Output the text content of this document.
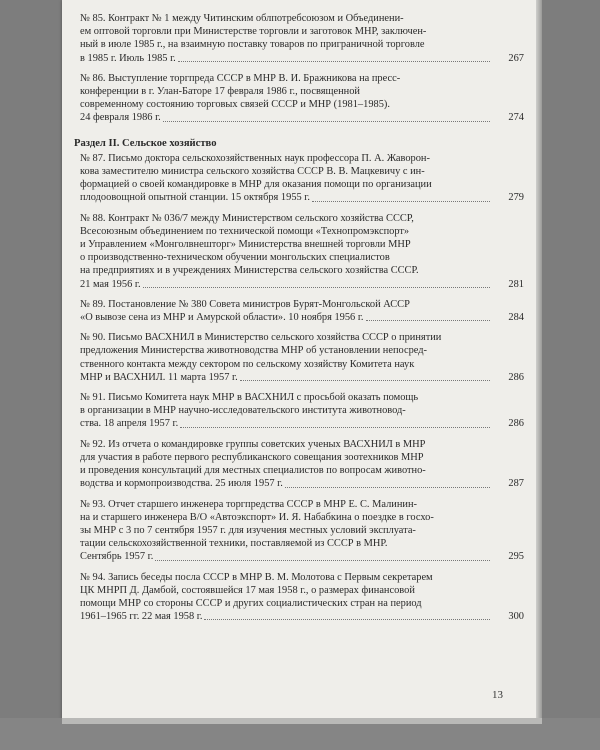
№ 85. Контракт № 1 между Читинским облпотребсоюзом и Объединени-
ем оптовой торговли при Министерстве торговли и заготовок МНР, заключен-
ный в июле 1985 г., на взаимную поставку товаров по приграничной торговле
в 1985 г. Июль 1985 г.	267
№ 86. Выступление торгпреда СССР в МНР В. И. Бражникова на пресс-
конференции в г. Улан-Баторе 17 февраля 1986 г., посвященной
современному состоянию торговых связей СССР и МНР (1981–1985).
24 февраля 1986 г.	274
Раздел II. Сельское хозяйство
№ 87. Письмо доктора сельскохозяйственных наук профессора П. А. Жаворон-
кова заместителю министра сельского хозяйства СССР В. В. Мацкевичу с ин-
формацией о своей командировке в МНР для оказания помощи по организации
плодоовощной опытной станции. 15 октября 1955 г.	279
№ 88. Контракт № 036/7 между Министерством сельского хозяйства СССР,
Всесоюзным объединением по технической помощи «Технопромэкспорт»
и Управлением «Монголвнешторг» Министерства внешней торговли МНР
о производственно-техническом обучении монгольских специалистов
на предприятиях и в учреждениях Министерства сельского хозяйства СССР.
21 мая 1956 г.	281
№ 89. Постановление № 380 Совета министров Бурят-Монгольской АССР
«О вывозе сена из МНР и Амурской области». 10 ноября 1956 г.	284
№ 90. Письмо ВАСХНИЛ в Министерство сельского хозяйства СССР о принятии
предложения Министерства животноводства МНР об установлении непосред-
ственного контакта между сектором по сельскому хозяйству Комитета наук
МНР и ВАСХНИЛ. 11 марта 1957 г.	286
№ 91. Письмо Комитета наук МНР в ВАСХНИЛ с просьбой оказать помощь
в организации в МНР научно-исследовательского института животновод-
ства. 18 апреля 1957 г.	286
№ 92. Из отчета о командировке группы советских ученых ВАСХНИЛ в МНР
для участия в работе первого республиканского совещания зоотехников МНР
и проведения консультаций для местных специалистов по вопросам животно-
водства и кормопроизводства. 25 июля 1957 г.	287
№ 93. Отчет старшего инженера торгпредства СССР в МНР Е. С. Малинин-
на и старшего инженера В/О «Автоэкспорт» И. Я. Набабкина о поездке в госхо-
зы МНР с 3 по 7 сентября 1957 г. для изучения местных условий эксплуата-
тации сельскохозяйственной техники, поставляемой из СССР в МНР.
Сентябрь 1957 г.	295
№ 94. Запись беседы посла СССР в МНР В. М. Молотова с Первым секретарем
ЦК МНРП Д. Дамбой, состоявшейся 17 мая 1958 г., о размерах финансовой
помощи МНР со стороны СССР и других социалистических стран на период
1961–1965 гг. 22 мая 1958 г.	300
13
